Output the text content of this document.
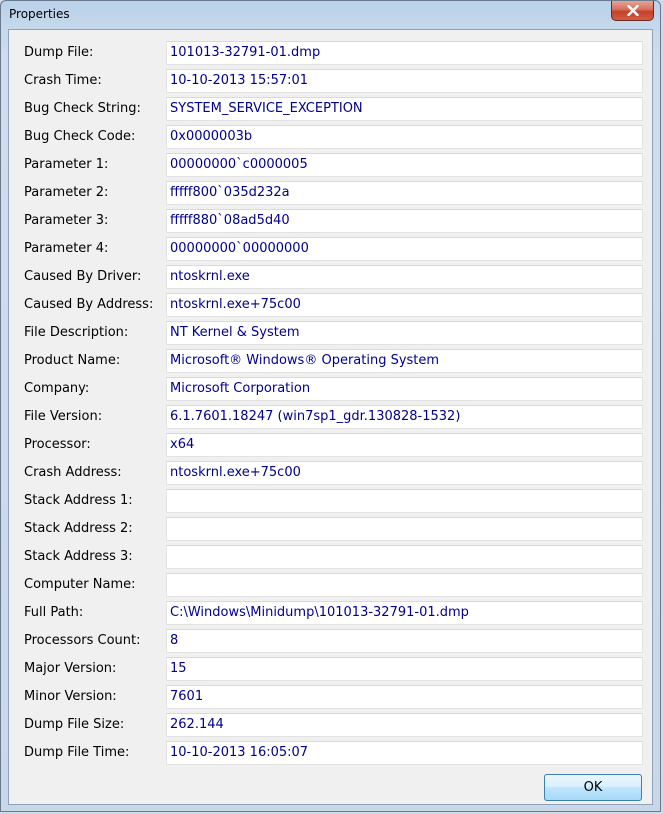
Properties
Dump File:	101013-32791-01.dmp
Crash Time:	10-10-2013 15:57:01
Bug Check String:	SYSTEM_SERVICE_EXCEPTION
Bug Check Code:	0x0000003b
Parameter 1:	00000000`c0000005
Parameter 2:	fffff800`035d232a
Parameter 3:	fffff880`08ad5d40
Parameter 4:	00000000`00000000
Caused By Driver:	ntoskrnl.exe
Caused By Address:	ntoskrnl.exe+75c00
File Description:	NT Kernel & System
Product Name:	Microsoft® Windows® Operating System
Company:	Microsoft Corporation
File Version:	6.1.7601.18247 (win7sp1_gdr.130828-1532)
Processor:	x64
Crash Address:	ntoskrnl.exe+75c00
Stack Address 1:
Stack Address 2:
Stack Address 3:
Computer Name:
Full Path:	C:\Windows\Minidump\101013-32791-01.dmp
Processors Count:	8
Major Version:	15
Minor Version:	7601
Dump File Size:	262.144
Dump File Time:	10-10-2013 16:05:07
OK
